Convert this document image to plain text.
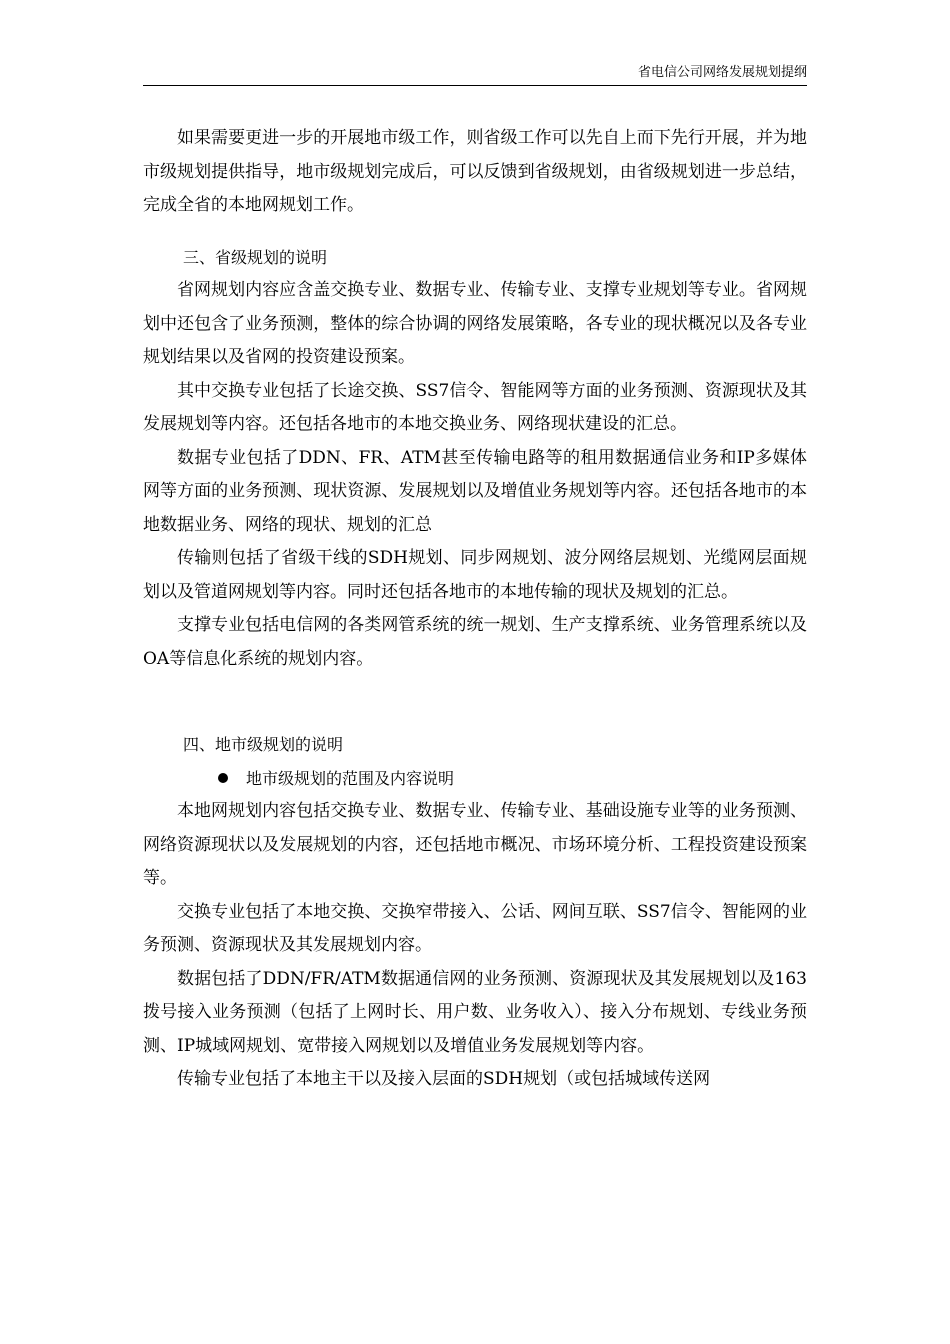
省电信公司网络发展规划提纲

如果需要更进一步的开展地市级工作，则省级工作可以先自上而下先行开展，并为地市级规划提供指导，地市级规划完成后，可以反馈到省级规划，由省级规划进一步总结，完成全省的本地网规划工作。

三、省级规划的说明

省网规划内容应含盖交换专业、数据专业、传输专业、支撑专业规划等专业。省网规划中还包含了业务预测，整体的综合协调的网络发展策略，各专业的现状概况以及各专业规划结果以及省网的投资建设预案。

其中交换专业包括了长途交换、SS7信令、智能网等方面的业务预测、资源现状及其发展规划等内容。还包括各地市的本地交换业务、网络现状建设的汇总。

数据专业包括了DDN、FR、ATM甚至传输电路等的租用数据通信业务和IP多媒体网等方面的业务预测、现状资源、发展规划以及增值业务规划等内容。还包括各地市的本地数据业务、网络的现状、规划的汇总

传输则包括了省级干线的SDH规划、同步网规划、波分网络层规划、光缆网层面规划以及管道网规划等内容。同时还包括各地市的本地传输的现状及规划的汇总。

支撑专业包括电信网的各类网管系统的统一规划、生产支撑系统、业务管理系统以及OA等信息化系统的规划内容。

四、地市级规划的说明
地市级规划的范围及内容说明

本地网规划内容包括交换专业、数据专业、传输专业、基础设施专业等的业务预测、网络资源现状以及发展规划的内容，还包括地市概况、市场环境分析、工程投资建设预案等。

交换专业包括了本地交换、交换窄带接入、公话、网间互联、SS7信令、智能网的业务预测、资源现状及其发展规划内容。

数据包括了DDN/FR/ATM数据通信网的业务预测、资源现状及其发展规划以及163拨号接入业务预测（包括了上网时长、用户数、业务收入）、接入分布规划、专线业务预测、IP城域网规划、宽带接入网规划以及增值业务发展规划等内容。

传输专业包括了本地主干以及接入层面的SDH规划（或包括城域传送网
